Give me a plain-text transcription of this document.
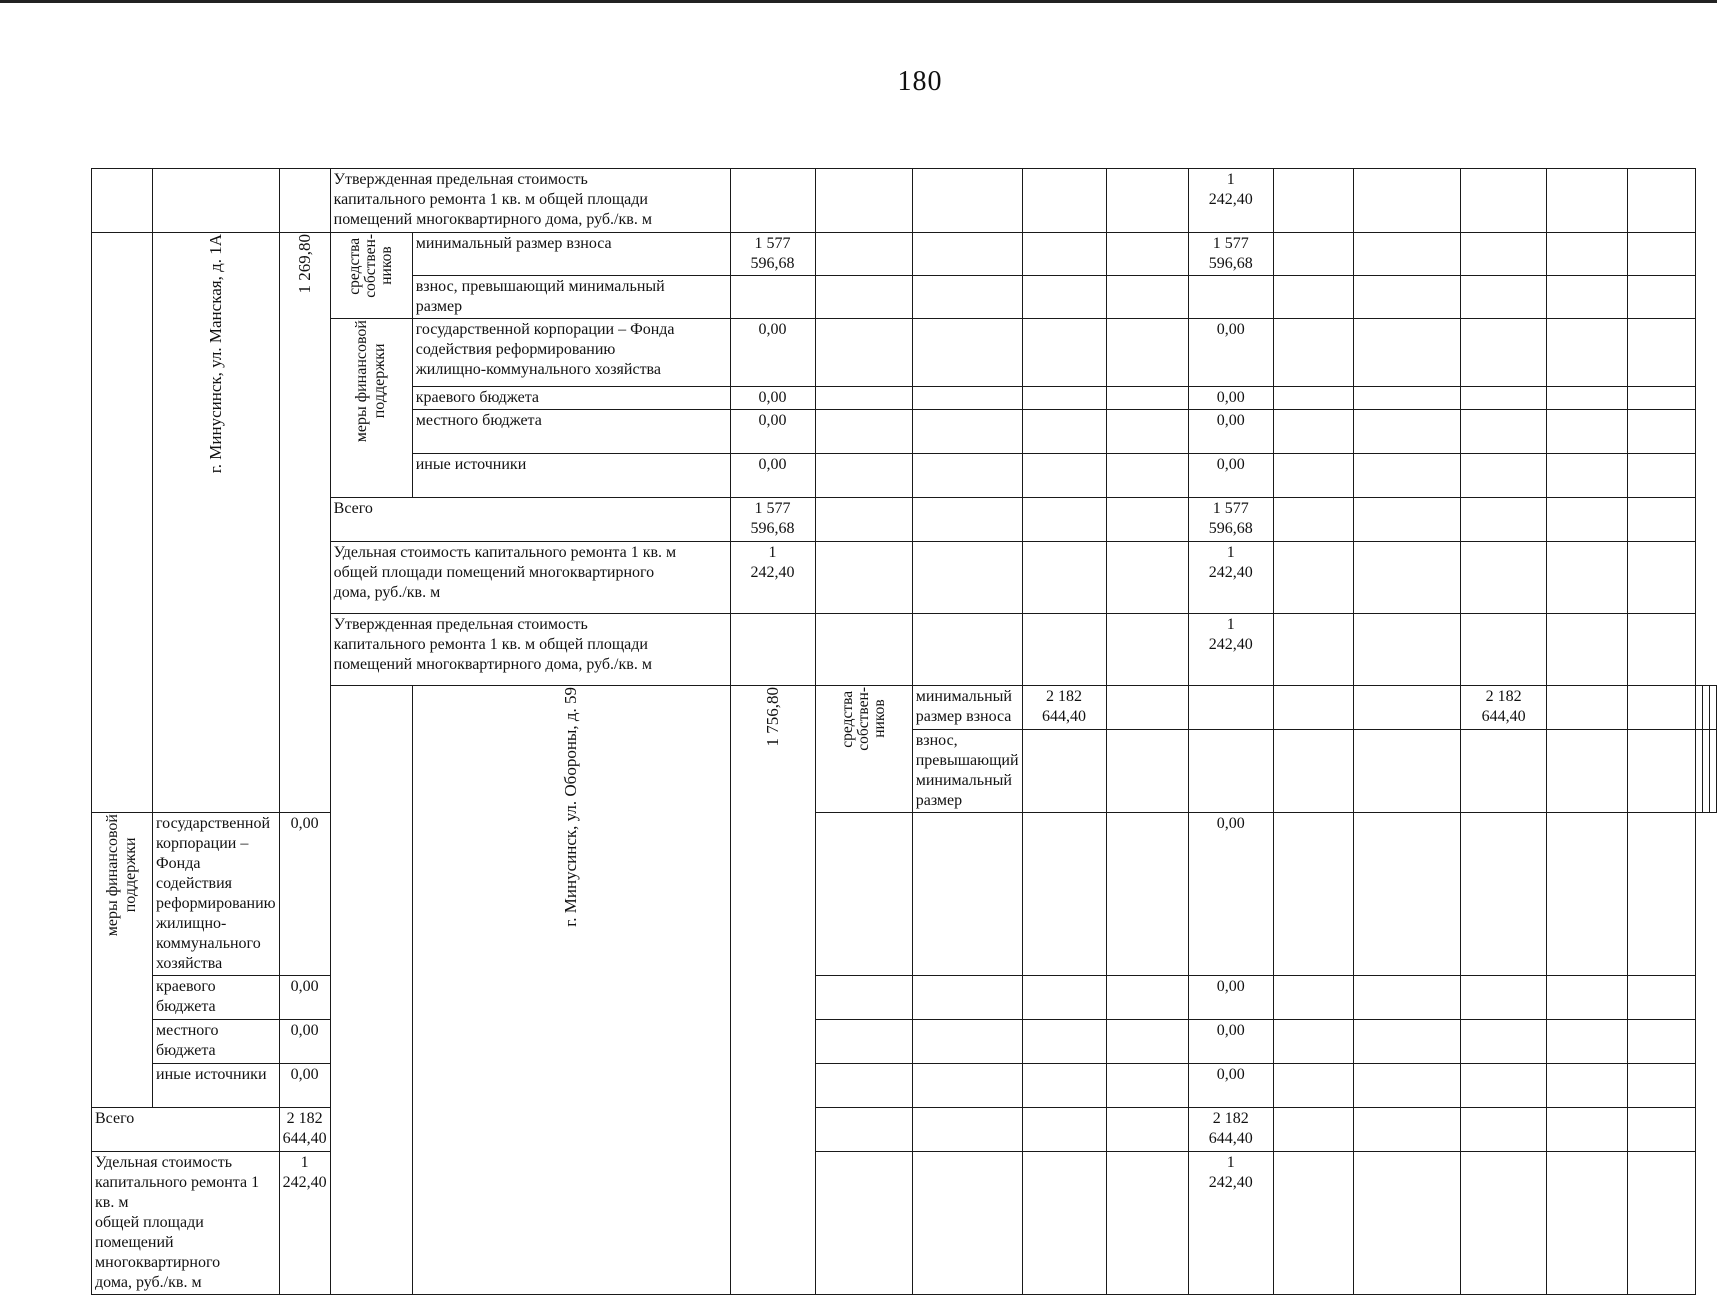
180
			Утвержденная предельная стоимость
капитального ремонта 1 кв. м общей площади
помещений многоквартирного дома, руб./кв. м							1
242,40								
	г. Минусинск, ул. Манская, д. 1А	1 269,80	средства
собствен-
ников	минимальный размер взноса	1 577
596,68					1 577
596,68								
				взнос, превышающий минимальный
размер														
			меры финансовой
поддержки	государственной корпорации – Фонда
содействия реформированию
жилищно-коммунального хозяйства	0,00					0,00								
				краевого бюджета	0,00					0,00								
				местного бюджета	0,00					0,00								
				иные источники	0,00					0,00								
			Всего		1 577
596,68					1 577
596,68								
			Удельная стоимость капитального ремонта 1 кв. м
общей площади помещений многоквартирного
дома, руб./кв. м		1
242,40					1
242,40								
			Утвержденная предельная стоимость
капитального ремонта 1 кв. м общей площади
помещений многоквартирного дома, руб./кв. м							1
242,40								
				г. Минусинск, ул. Обороны, д. 59	1 756,80	средства
собствен-
ников	минимальный размер взноса	2 182
644,40					2 182
644,40					
							взнос, превышающий минимальный
размер											
меры финансовой
поддержки	государственной корпорации – Фонда
содействия реформированию
жилищно-коммунального хозяйства	0,00								0,00								
	краевого бюджета	0,00								0,00								
	местного бюджета	0,00								0,00								
	иные источники	0,00								0,00								
Всего		2 182
644,40								2 182
644,40								
Удельная стоимость капитального ремонта 1 кв. м
общей площади помещений многоквартирного
дома, руб./кв. м		1
242,40								1
242,40								
